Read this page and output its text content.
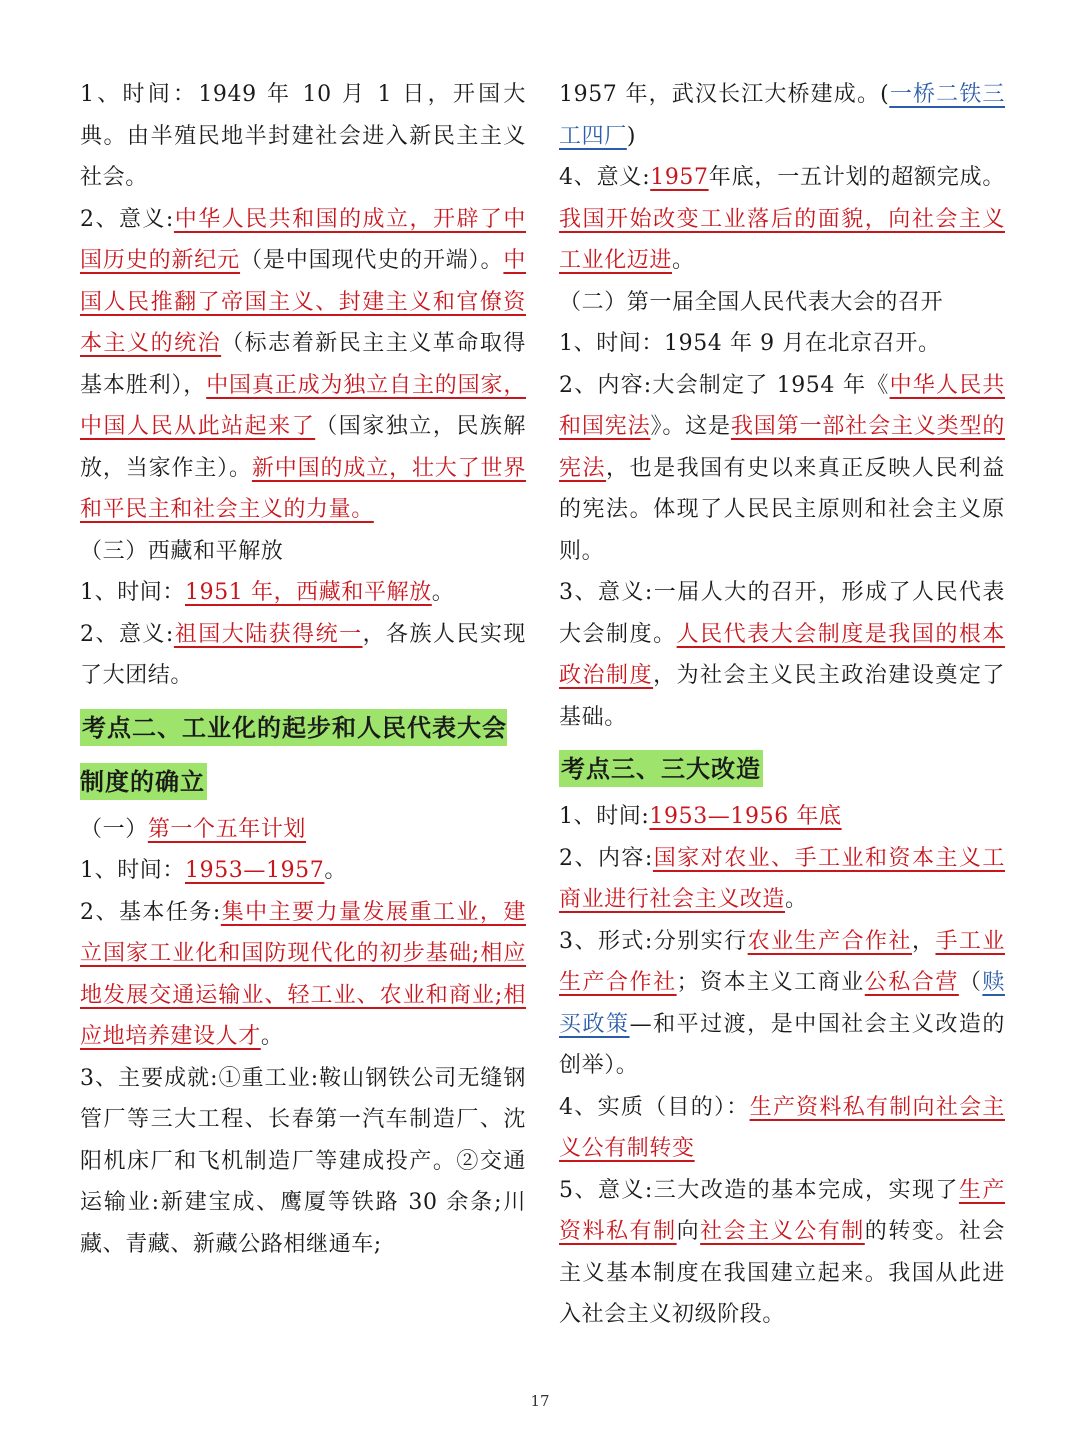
1、时间：1949 年 10 月 1 日，开国大典。由半殖民地半封建社会进入新民主主义社会。
2、意义:中华人民共和国的成立，开辟了中国历史的新纪元（是中国现代史的开端）。中国人民推翻了帝国主义、封建主义和官僚资本主义的统治（标志着新民主主义革命取得基本胜利），中国真正成为独立自主的国家，中国人民从此站起来了（国家独立，民族解放，当家作主）。新中国的成立，壮大了世界和平民主和社会主义的力量。
（三）西藏和平解放
1、时间：1951 年，西藏和平解放。
2、意义:祖国大陆获得统一，各族人民实现了大团结。
考点二、工业化的起步和人民代表大会制度的确立
（一）第一个五年计划
1、时间：1953—1957。
2、基本任务:集中主要力量发展重工业，建立国家工业化和国防现代化的初步基础;相应地发展交通运输业、轻工业、农业和商业;相应地培养建设人才。
3、主要成就:①重工业:鞍山钢铁公司无缝钢管厂等三大工程、长春第一汽车制造厂、沈阳机床厂和飞机制造厂等建成投产。②交通运输业:新建宝成、鹰厦等铁路 30 余条;川藏、青藏、新藏公路相继通车;
1957 年，武汉长江大桥建成。(一桥二铁三工四厂)
4、意义:1957年底，一五计划的超额完成。我国开始改变工业落后的面貌，向社会主义工业化迈进。
（二）第一届全国人民代表大会的召开
1、时间：1954 年 9 月在北京召开。
2、内容:大会制定了 1954 年《中华人民共和国宪法》。这是我国第一部社会主义类型的宪法，也是我国有史以来真正反映人民利益的宪法。体现了人民民主原则和社会主义原则。
3、意义:一届人大的召开，形成了人民代表大会制度。人民代表大会制度是我国的根本政治制度，为社会主义民主政治建设奠定了基础。
考点三、三大改造
1、时间:1953—1956 年底
2、内容:国家对农业、手工业和资本主义工商业进行社会主义改造。
3、形式:分别实行农业生产合作社，手工业生产合作社；资本主义工商业公私合营（赎买政策—和平过渡，是中国社会主义改造的创举）。
4、实质（目的）：生产资料私有制向社会主义公有制转变
5、意义:三大改造的基本完成，实现了生产资料私有制向社会主义公有制的转变。社会主义基本制度在我国建立起来。我国从此进入社会主义初级阶段。
17
